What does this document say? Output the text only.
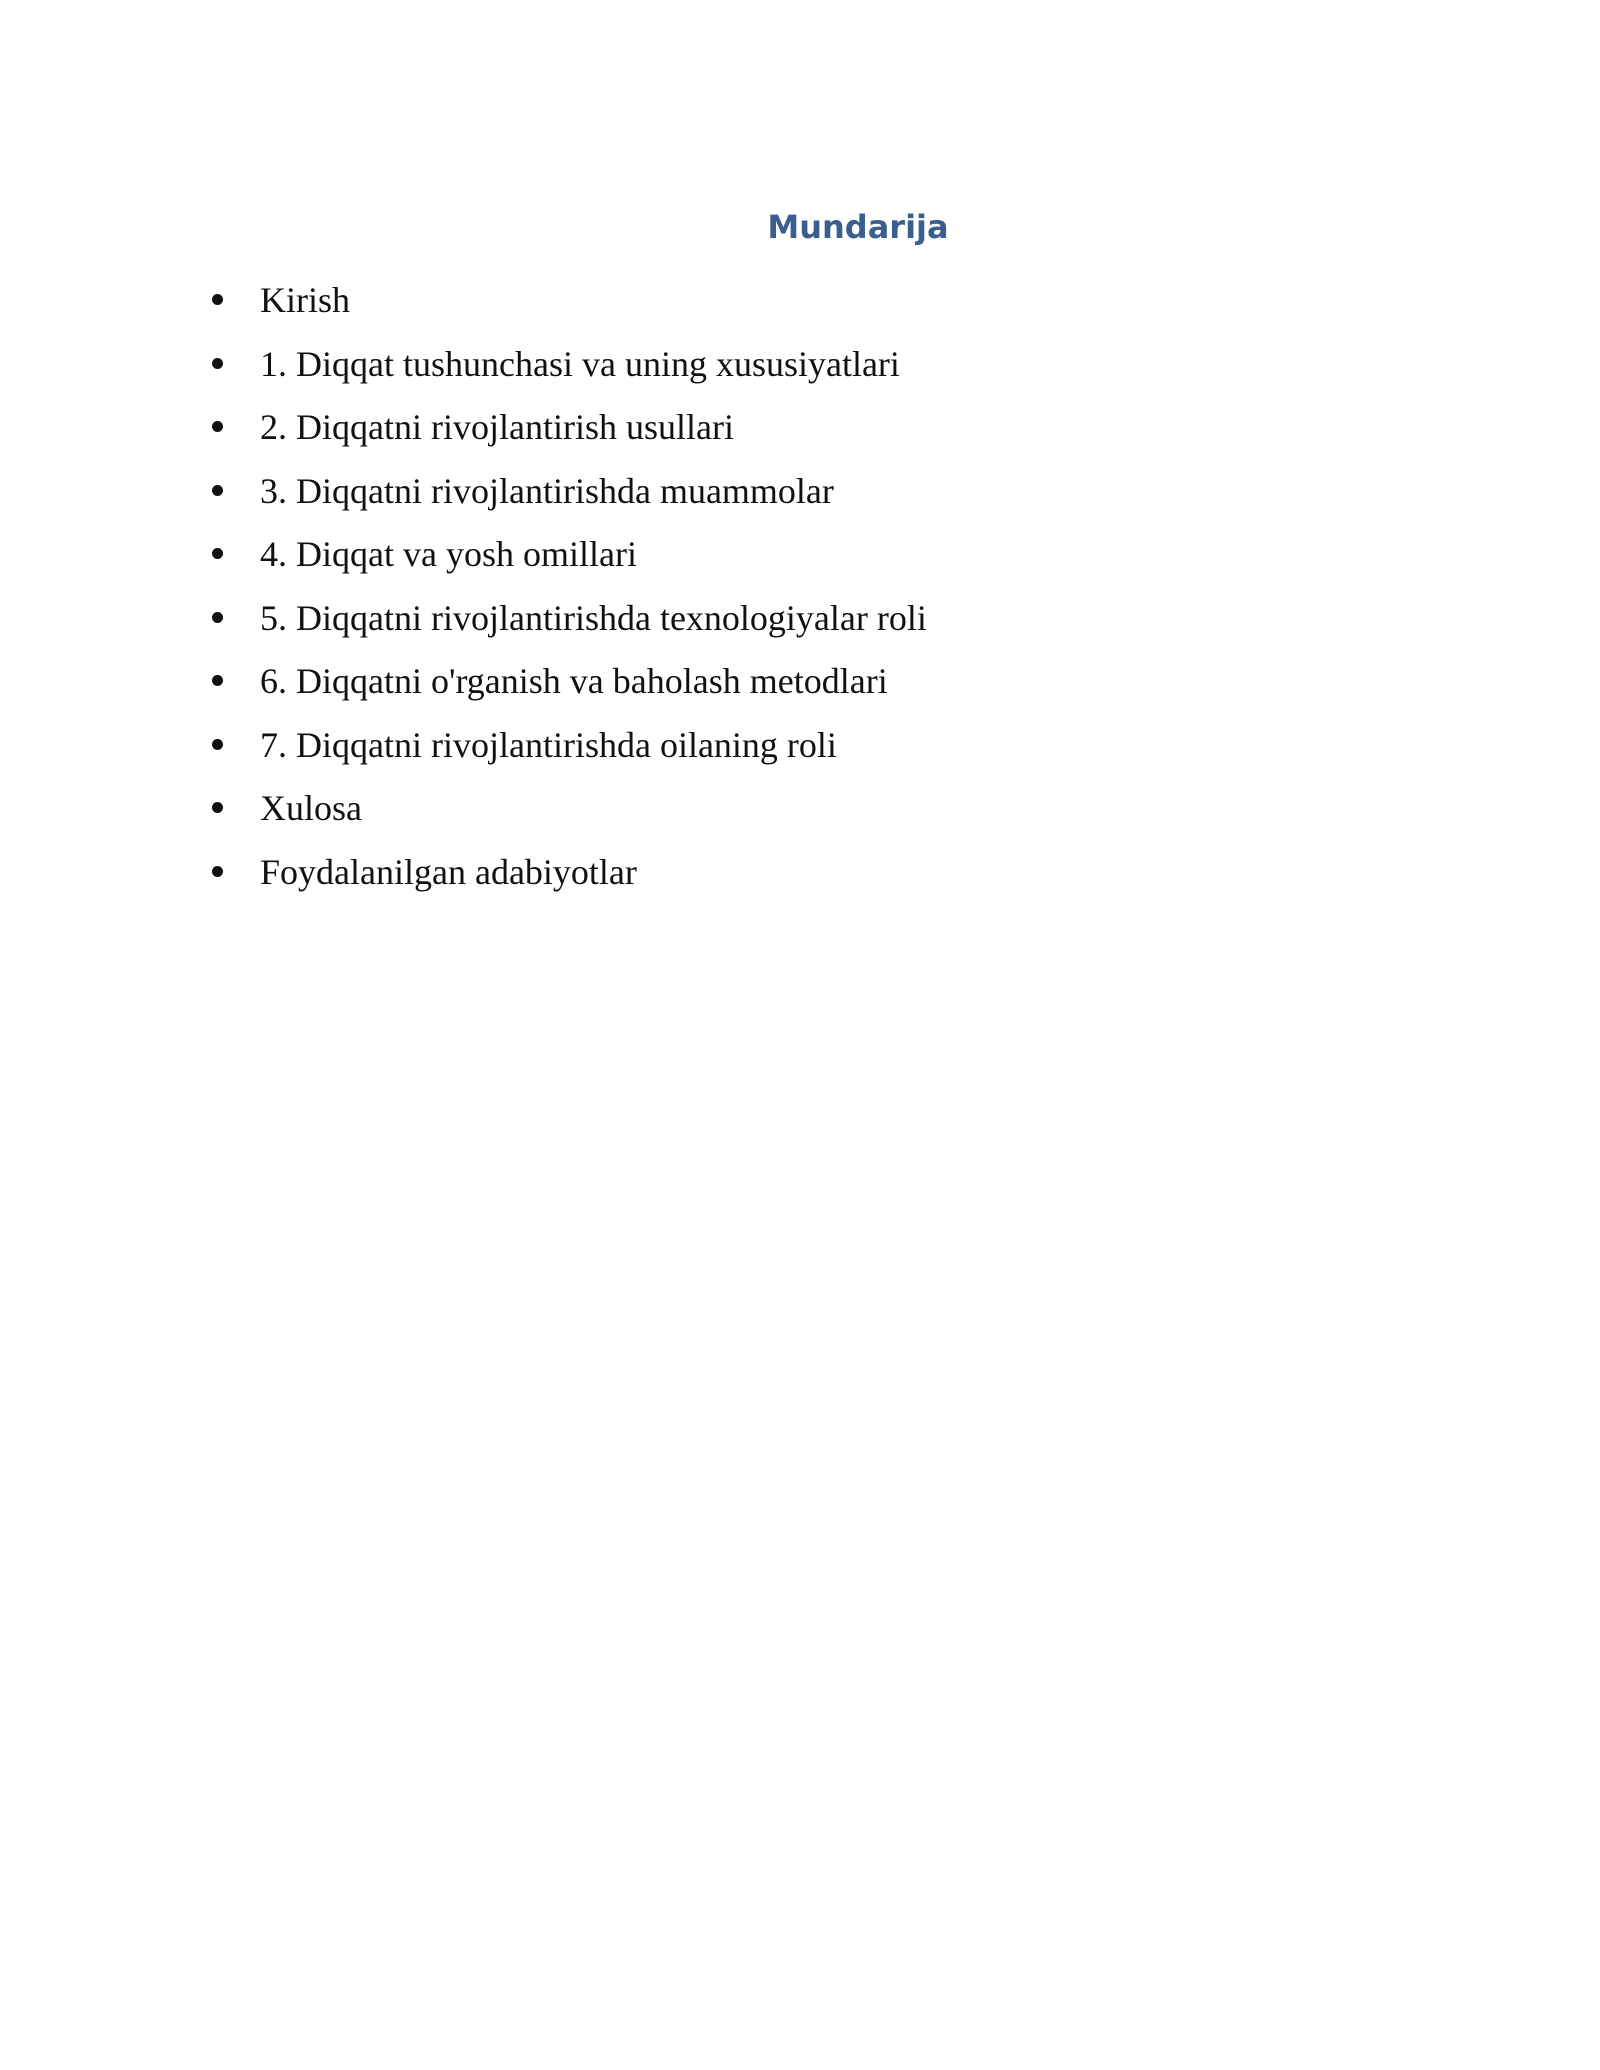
Mundarija
Kirish
1. Diqqat tushunchasi va uning xususiyatlari
2. Diqqatni rivojlantirish usullari
3. Diqqatni rivojlantirishda muammolar
4. Diqqat va yosh omillari
5. Diqqatni rivojlantirishda texnologiyalar roli
6. Diqqatni o'rganish va baholash metodlari
7. Diqqatni rivojlantirishda oilaning roli
Xulosa
Foydalanilgan adabiyotlar
